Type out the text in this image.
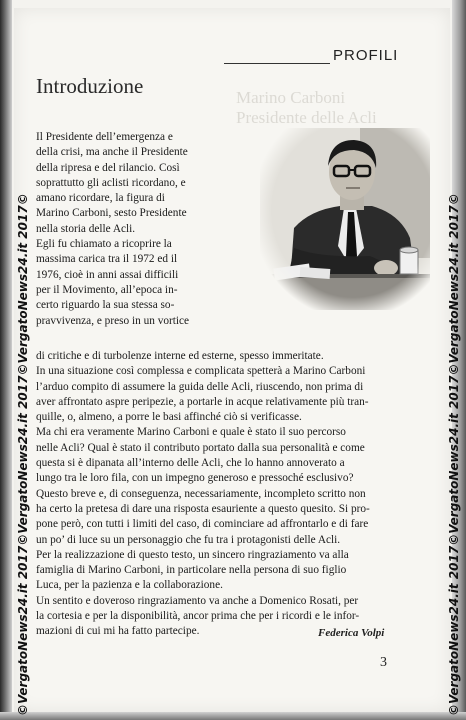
©VergatoNews24.it 2017©VergatoNews24.it 2017©VergatoNews24.it 2017©	©VergatoNews24.it 2017©VergatoNews24.it 2017©VergatoNews24.it 2017©
PROFILI
Marino Carboni
Presidente delle Acli
Introduzione
Il Presidente dell’emergenza e
della crisi, ma anche il Presidente
della ripresa e del rilancio. Così
soprattutto gli aclisti ricordano, e
amano ricordare, la figura di
Marino Carboni, sesto Presidente
nella storia delle Acli.
Egli fu chiamato a ricoprire la
massima carica tra il 1972 ed il
1976, cioè in anni assai difficili
per il Movimento, all’epoca in-
certo riguardo la sua stessa so-
pravvivenza, e preso in un vortice
di critiche e di turbolenze interne ed esterne, spesso immeritate.
In una situazione così complessa e complicata spetterà a Marino Carboni
l’arduo compito di assumere la guida delle Acli, riuscendo, non prima di
aver affrontato aspre peripezie, a portarle in acque relativamente più tran-
quille, o, almeno, a porre le basi affinché ciò si verificasse.
Ma chi era veramente Marino Carboni e quale è stato il suo percorso
nelle Acli? Qual è stato il contributo portato dalla sua personalità e come
questa si è dipanata all’interno delle Acli, che lo hanno annoverato a
lungo tra le loro fila, con un impegno generoso e pressoché esclusivo?
Questo breve e, di conseguenza, necessariamente, incompleto scritto non
ha certo la pretesa di dare una risposta esauriente a questo quesito. Si pro-
pone però, con tutti i limiti del caso, di cominciare ad affrontarlo e di fare
un po’ di luce su un personaggio che fu tra i protagonisti delle Acli.
Per la realizzazione di questo testo, un sincero ringraziamento va alla
famiglia di Marino Carboni, in particolare nella persona di suo figlio
Luca, per la pazienza e la collaborazione.
Un sentito e doveroso ringraziamento va anche a Domenico Rosati, per
la cortesia e per la disponibilità, ancor prima che per i ricordi e le infor-
mazioni di cui mi ha fatto partecipe.	Federica Volpi
3
